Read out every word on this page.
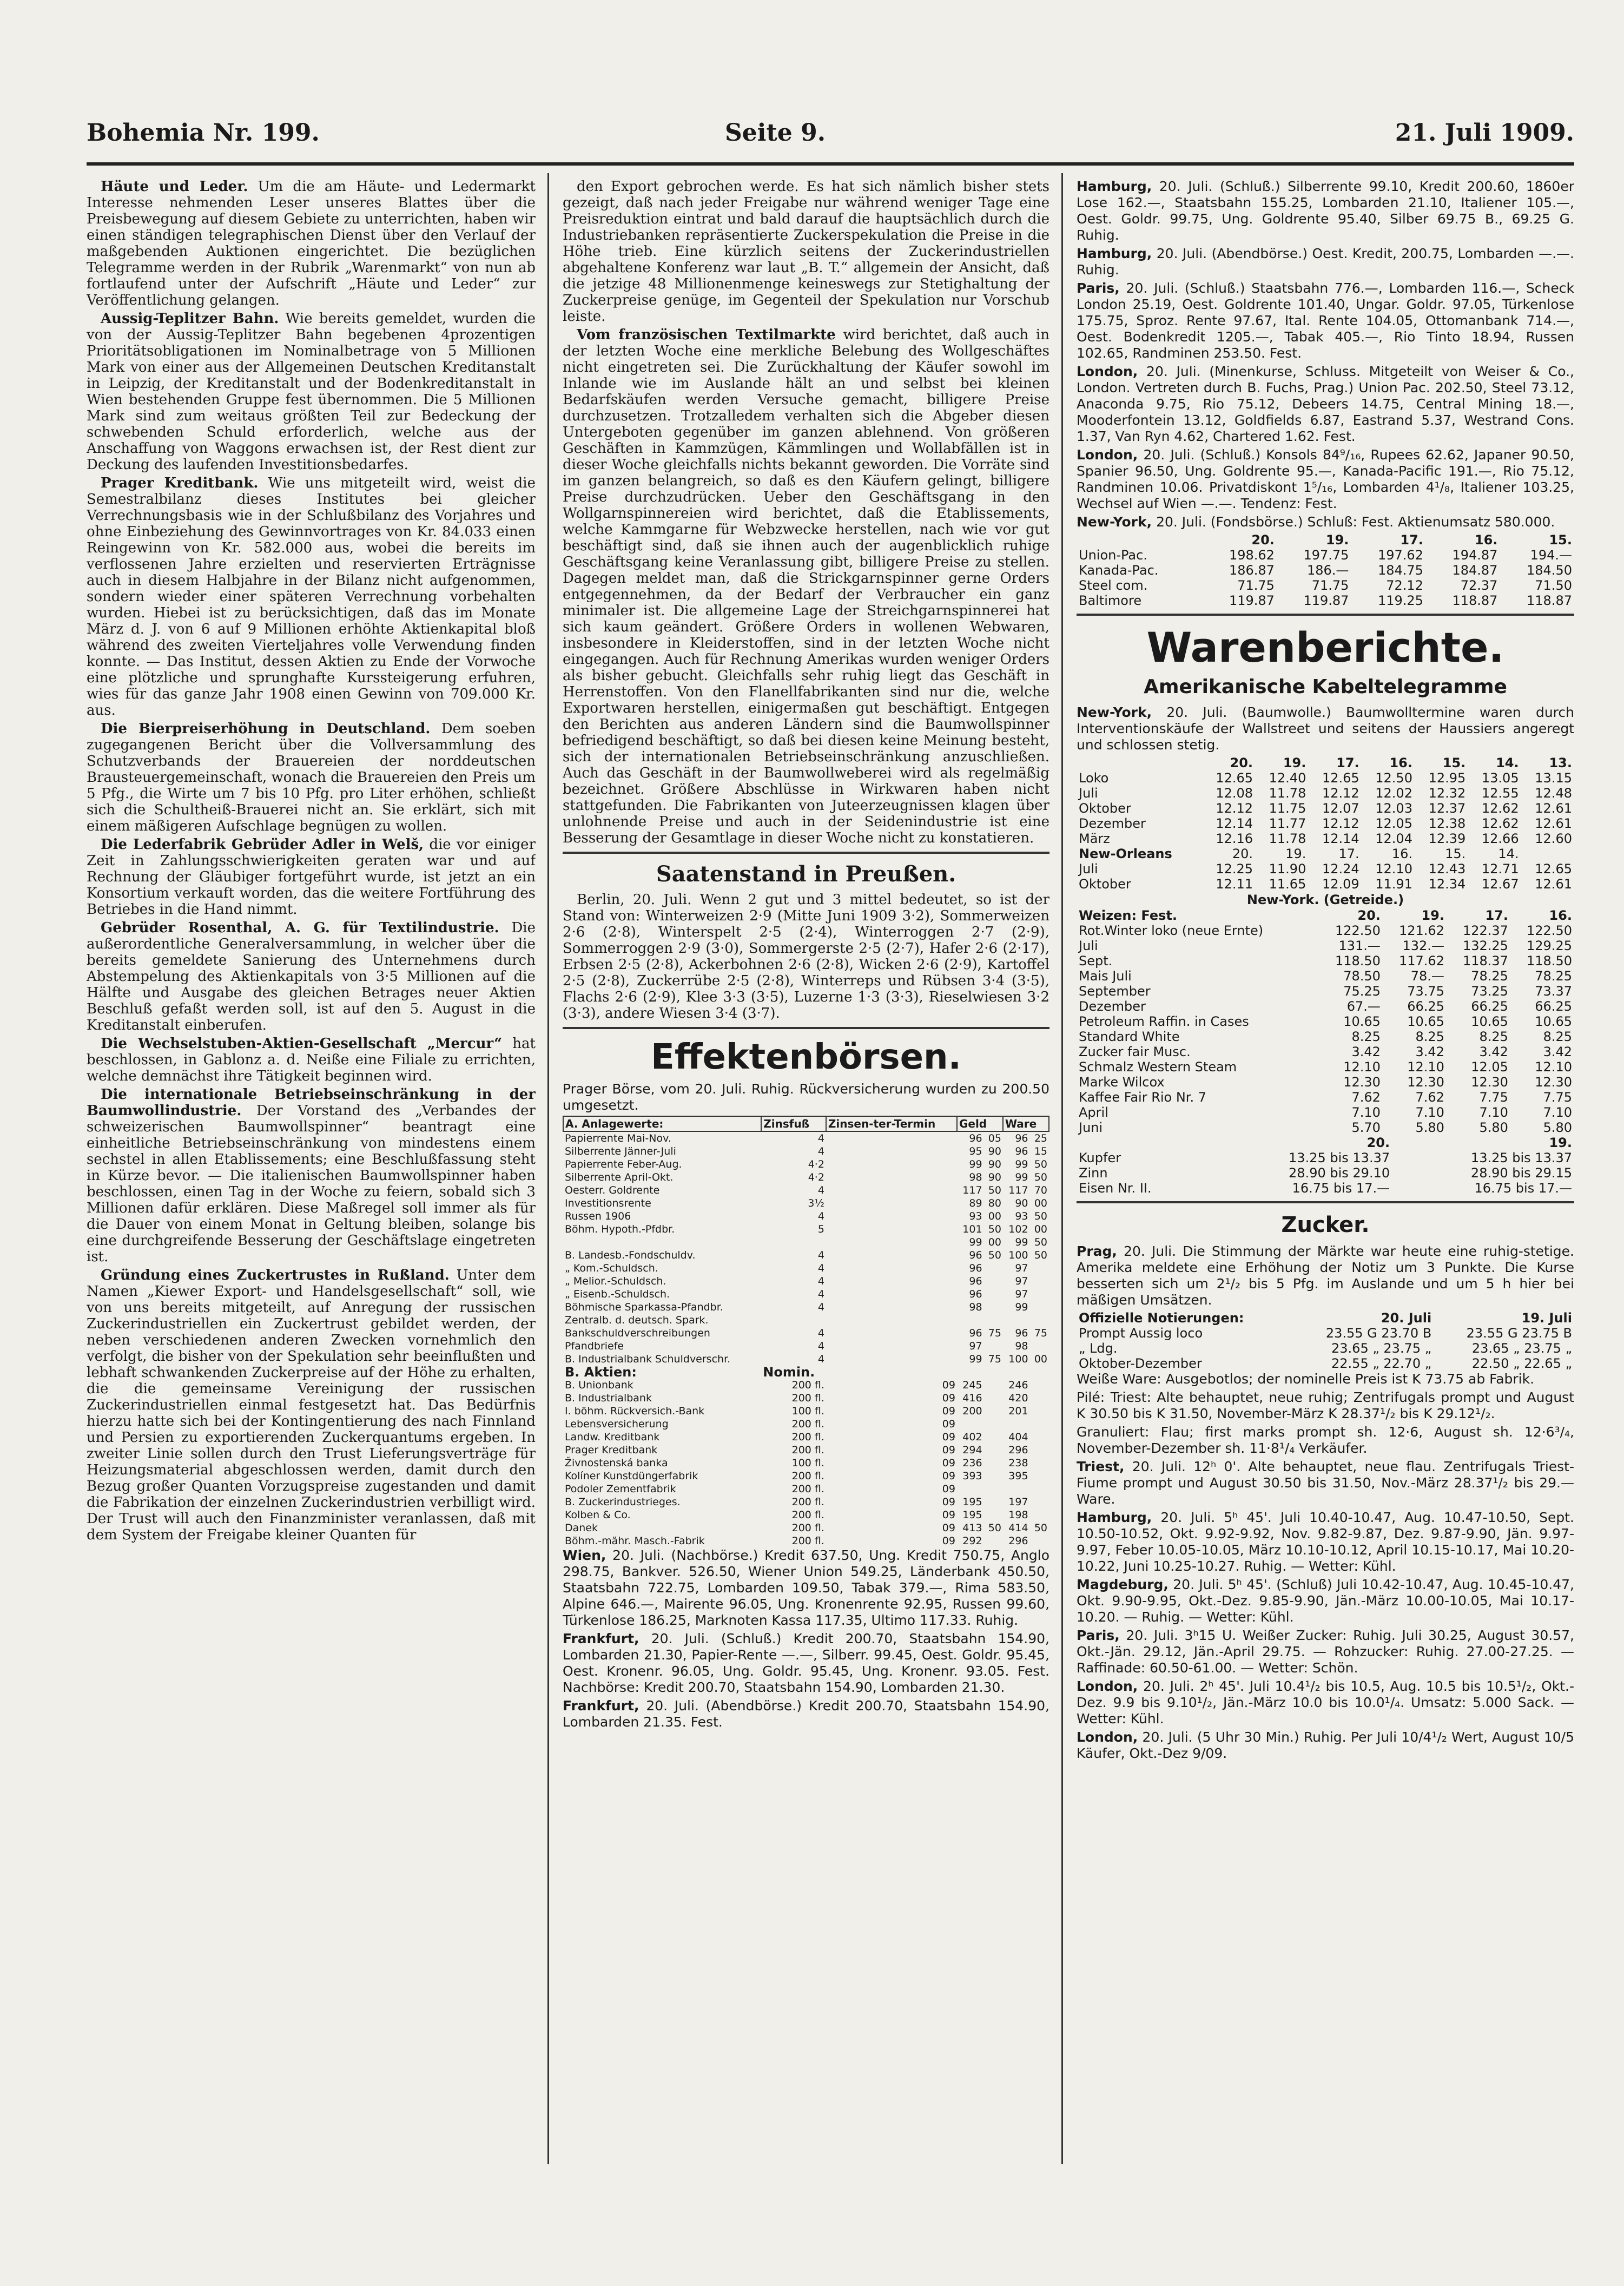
Bohemia Nr. 199.	Seite 9.	21. Juli 1909.

Häute und Leder. Um die am Häute- und Ledermarkt Interesse nehmenden Leser unseres Blattes über die Preisbewegung auf diesem Gebiete zu unterrichten, haben wir einen ständigen telegraphischen Dienst über den Verlauf der maßgebenden Auktionen eingerichtet. Die bezüglichen Telegramme werden in der Rubrik „Warenmarkt“ von nun ab fortlaufend unter der Aufschrift „Häute und Leder“ zur Veröffentlichung gelangen.

Aussig-Teplitzer Bahn. Wie bereits gemeldet, wurden die von der Aussig-Teplitzer Bahn begebenen 4prozentigen Prioritätsobligationen im Nominalbetrage von 5 Millionen Mark von einer aus der Allgemeinen Deutschen Kreditanstalt in Leipzig, der Kreditanstalt und der Bodenkreditanstalt in Wien bestehenden Gruppe fest übernommen. Die 5 Millionen Mark sind zum weitaus größten Teil zur Bedeckung der schwebenden Schuld erforderlich, welche aus der Anschaffung von Waggons erwachsen ist, der Rest dient zur Deckung des laufenden Investitionsbedarfes.

Prager Kreditbank. Wie uns mitgeteilt wird, weist die Semestralbilanz dieses Institutes bei gleicher Verrechnungsbasis wie in der Schlußbilanz des Vorjahres und ohne Einbeziehung des Gewinnvortrages von Kr. 84.033 einen Reingewinn von Kr. 582.000 aus, wobei die bereits im verflossenen Jahre erzielten und reservierten Erträgnisse auch in diesem Halbjahre in der Bilanz nicht aufgenommen, sondern wieder einer späteren Verrechnung vorbehalten wurden. Hiebei ist zu berücksichtigen, daß das im Monate März d. J. von 6 auf 9 Millionen erhöhte Aktienkapital bloß während des zweiten Vierteljahres volle Verwendung finden konnte. — Das Institut, dessen Aktien zu Ende der Vorwoche eine plötzliche und sprunghafte Kurssteigerung erfuhren, wies für das ganze Jahr 1908 einen Gewinn von 709.000 Kr. aus.

Die Bierpreiserhöhung in Deutschland. Dem soeben zugegangenen Bericht über die Vollversammlung des Schutzverbands der Brauereien der norddeutschen Brausteuergemeinschaft, wonach die Brauereien den Preis um 5 Pfg., die Wirte um 7 bis 10 Pfg. pro Liter erhöhen, schließt sich die Schultheiß-Brauerei nicht an. Sie erklärt, sich mit einem mäßigeren Aufschlage begnügen zu wollen.

Die Lederfabrik Gebrüder Adler in Welš, die vor einiger Zeit in Zahlungsschwierigkeiten geraten war und auf Rechnung der Gläubiger fortgeführt wurde, ist jetzt an ein Konsortium verkauft worden, das die weitere Fortführung des Betriebes in die Hand nimmt.

Gebrüder Rosenthal, A. G. für Textilindustrie. Die außerordentliche Generalversammlung, in welcher über die bereits gemeldete Sanierung des Unternehmens durch Abstempelung des Aktienkapitals von 3·5 Millionen auf die Hälfte und Ausgabe des gleichen Betrages neuer Aktien Beschluß gefaßt werden soll, ist auf den 5. August in die Kreditanstalt einberufen.

Die Wechselstuben-Aktien-Gesellschaft „Mercur“ hat beschlossen, in Gablonz a. d. Neiße eine Filiale zu errichten, welche demnächst ihre Tätigkeit beginnen wird.

Die internationale Betriebseinschränkung in der Baumwollindustrie. Der Vorstand des „Verbandes der schweizerischen Baumwollspinner“ beantragt eine einheitliche Betriebseinschränkung von mindestens einem sechstel in allen Etablissements; eine Beschlußfassung steht in Kürze bevor. — Die italienischen Baumwollspinner haben beschlossen, einen Tag in der Woche zu feiern, sobald sich 3 Millionen dafür erklären. Diese Maßregel soll immer als für die Dauer von einem Monat in Geltung bleiben, solange bis eine durchgreifende Besserung der Geschäftslage eingetreten ist.

Gründung eines Zuckertrustes in Rußland. Unter dem Namen „Kiewer Export- und Handelsgesellschaft“ soll, wie von uns bereits mitgeteilt, auf Anregung der russischen Zuckerindustriellen ein Zuckertrust gebildet werden, der neben verschiedenen anderen Zwecken vornehmlich den verfolgt, die bisher von der Spekulation sehr beeinflußten und lebhaft schwankenden Zuckerpreise auf der Höhe zu erhalten, die die gemeinsame Vereinigung der russischen Zuckerindustriellen einmal festgesetzt hat. Das Bedürfnis hierzu hatte sich bei der Kontingentierung des nach Finnland und Persien zu exportierenden Zuckerquantums ergeben. In zweiter Linie sollen durch den Trust Lieferungsverträge für Heizungsmaterial abgeschlossen werden, damit durch den Bezug großer Quanten Vorzugspreise zugestanden und damit die Fabrikation der einzelnen Zuckerindustrien verbilligt wird. Der Trust will auch den Finanzminister veranlassen, daß mit dem System der Freigabe kleiner Quanten für

den Export gebrochen werde. Es hat sich nämlich bisher stets gezeigt, daß nach jeder Freigabe nur während weniger Tage eine Preisreduktion eintrat und bald darauf die hauptsächlich durch die Industriebanken repräsentierte Zuckerspekulation die Preise in die Höhe trieb. Eine kürzlich seitens der Zuckerindustriellen abgehaltene Konferenz war laut „B. T.“ allgemein der Ansicht, daß die jetzige 48 Millionenmenge keineswegs zur Stetighaltung der Zuckerpreise genüge, im Gegenteil der Spekulation nur Vorschub leiste.

Vom französischen Textilmarkte wird berichtet, daß auch in der letzten Woche eine merkliche Belebung des Wollgeschäftes nicht eingetreten sei. Die Zurückhaltung der Käufer sowohl im Inlande wie im Auslande hält an und selbst bei kleinen Bedarfskäufen werden Versuche gemacht, billigere Preise durchzusetzen. Trotzalledem verhalten sich die Abgeber diesen Untergeboten gegenüber im ganzen ablehnend. Von größeren Geschäften in Kammzügen, Kämmlingen und Wollabfällen ist in dieser Woche gleichfalls nichts bekannt geworden. Die Vorräte sind im ganzen belangreich, so daß es den Käufern gelingt, billigere Preise durchzudrücken. Ueber den Geschäftsgang in den Wollgarnspinnereien wird berichtet, daß die Etablissements, welche Kammgarne für Webzwecke herstellen, nach wie vor gut beschäftigt sind, daß sie ihnen auch der augenblicklich ruhige Geschäftsgang keine Veranlassung gibt, billigere Preise zu stellen. Dagegen meldet man, daß die Strickgarnspinner gerne Orders entgegennehmen, da der Bedarf der Verbraucher ein ganz minimaler ist. Die allgemeine Lage der Streichgarnspinnerei hat sich kaum geändert. Größere Orders in wollenen Webwaren, insbesondere in Kleiderstoffen, sind in der letzten Woche nicht eingegangen. Auch für Rechnung Amerikas wurden weniger Orders als bisher gebucht. Gleichfalls sehr ruhig liegt das Geschäft in Herrenstoffen. Von den Flanellfabrikanten sind nur die, welche Exportwaren herstellen, einigermaßen gut beschäftigt. Entgegen den Berichten aus anderen Ländern sind die Baumwollspinner befriedigend beschäftigt, so daß bei diesen keine Meinung besteht, sich der internationalen Betriebseinschränkung anzuschließen. Auch das Geschäft in der Baumwollweberei wird als regelmäßig bezeichnet. Größere Abschlüsse in Wirkwaren haben nicht stattgefunden. Die Fabrikanten von Juteerzeugnissen klagen über unlohnende Preise und auch in der Seidenindustrie ist eine Besserung der Gesamtlage in dieser Woche nicht zu konstatieren.

Saatenstand in Preußen.

Berlin, 20. Juli. Wenn 2 gut und 3 mittel bedeutet, so ist der Stand von: Winterweizen 2·9 (Mitte Juni 1909 3·2), Sommerweizen 2·6 (2·8), Winterspelt 2·5 (2·4), Winterroggen 2·7 (2·9), Sommerroggen 2·9 (3·0), Sommergerste 2·5 (2·7), Hafer 2·6 (2·17), Erbsen 2·5 (2·8), Ackerbohnen 2·6 (2·8), Wicken 2·6 (2·9), Kartoffel 2·5 (2·8), Zuckerrübe 2·5 (2·8), Winterreps und Rübsen 3·4 (3·5), Flachs 2·6 (2·9), Klee 3·3 (3·5), Luzerne 1·3 (3·3), Rieselwiesen 3·2 (3·3), andere Wiesen 3·4 (3·7).

Effektenbörsen.

Prager Börse, vom 20. Juli. Ruhig. Rückversicherung wurden zu 200.50 umgesetzt.

A. Anlagewerte:	Zinsfuß	Zinsen-ter-Termin	Geld		Ware	
Papierrente Mai-Nov.	4		96	05	96	25
Silberrente Jänner-Juli	4		95	90	96	15
Papierrente Feber-Aug.	4·2		99	90	99	50
Silberrente April-Okt.	4·2		98	90	99	50
Oesterr. Goldrente	4		117	50	117	70
Investitionsrente	3½		89	80	90	00
Russen 1906	4		93	00	93	50
Böhm. Hypoth.-Pfdbr.	5		101	50	102	00
			99	00	99	50
B. Landesb.-Fondschuldv.	4		96	50	100	50
„ Kom.-Schuldsch.	4		96		97	
„ Melior.-Schuldsch.	4		96		97	
„ Eisenb.-Schuldsch.	4		96		97	
Böhmische Sparkassa-Pfandbr.	4		98		99	
Zentralb. d. deutsch. Spark.						
Bankschuldverschreibungen	4		96	75	96	75
Pfandbriefe	4		97		98	
B. Industrialbank Schuldverschr.	4		99	75	100	00
B. Aktien:	Nomin.					
B. Unionbank	200 fl.	09	245		246	
B. Industrialbank	200 fl.	09	416		420	
I. böhm. Rückversich.-Bank	100 fl.	09	200		201	
Lebensversicherung	200 fl.	09				
Landw. Kreditbank	200 fl.	09	402		404	
Prager Kreditbank	200 fl.	09	294		296	
Živnostenská banka	100 fl.	09	236		238	
Kolíner Kunstdüngerfabrik	200 fl.	09	393		395	
Podoler Zementfabrik	200 fl.	09				
B. Zuckerindustrieges.	200 fl.	09	195		197	
Kolben & Co.	200 fl.	09	195		198	
Danek	200 fl.	09	413	50	414	50
Böhm.-mähr. Masch.-Fabrik	200 fl.	09	292		296	

Wien, 20. Juli. (Nachbörse.) Kredit 637.50, Ung. Kredit 750.75, Anglo 298.75, Bankver. 526.50, Wiener Union 549.25, Länderbank 450.50, Staatsbahn 722.75, Lombarden 109.50, Tabak 379.—, Rima 583.50, Alpine 646.—, Mairente 96.05, Ung. Kronenrente 92.95, Russen 99.60, Türkenlose 186.25, Marknoten Kassa 117.35, Ultimo 117.33. Ruhig.

Frankfurt, 20. Juli. (Schluß.) Kredit 200.70, Staatsbahn 154.90, Lombarden 21.30, Papier-Rente —.—, Silberr. 99.45, Oest. Goldr. 95.45, Oest. Kronenr. 96.05, Ung. Goldr. 95.45, Ung. Kronenr. 93.05. Fest. Nachbörse: Kredit 200.70, Staatsbahn 154.90, Lombarden 21.30.

Frankfurt, 20. Juli. (Abendbörse.) Kredit 200.70, Staatsbahn 154.90, Lombarden 21.35. Fest.

Hamburg, 20. Juli. (Schluß.) Silberrente 99.10, Kredit 200.60, 1860er Lose 162.—, Staatsbahn 155.25, Lombarden 21.10, Italiener 105.—, Oest. Goldr. 99.75, Ung. Goldrente 95.40, Silber 69.75 B., 69.25 G. Ruhig.

Hamburg, 20. Juli. (Abendbörse.) Oest. Kredit, 200.75, Lombarden —.—. Ruhig.

Paris, 20. Juli. (Schluß.) Staatsbahn 776.—, Lombarden 116.—, Scheck London 25.19, Oest. Goldrente 101.40, Ungar. Goldr. 97.05, Türkenlose 175.75, Sproz. Rente 97.67, Ital. Rente 104.05, Ottomanbank 714.—, Oest. Bodenkredit 1205.—, Tabak 405.—, Rio Tinto 18.94, Russen 102.65, Randminen 253.50. Fest.

London, 20. Juli. (Minenkurse, Schluss. Mitgeteilt von Weiser & Co., London. Vertreten durch B. Fuchs, Prag.) Union Pac. 202.50, Steel 73.12, Anaconda 9.75, Rio 75.12, Debeers 14.75, Central Mining 18.—, Mooderfontein 13.12, Goldfields 6.87, Eastrand 5.37, Westrand Cons. 1.37, Van Ryn 4.62, Chartered 1.62. Fest.

London, 20. Juli. (Schluß.) Konsols 84⁹/₁₆, Rupees 62.62, Japaner 90.50, Spanier 96.50, Ung. Goldrente 95.—, Kanada-Pacific 191.—, Rio 75.12, Randminen 10.06. Privatdiskont 1⁵/₁₆, Lombarden 4¹/₈, Italiener 103.25, Wechsel auf Wien —.—. Tendenz: Fest.

New-York, 20. Juli. (Fondsbörse.) Schluß: Fest. Aktienumsatz 580.000.

	20.	19.	17.	16.	15.
Union-Pac.	198.62	197.75	197.62	194.87	194.—
Kanada-Pac.	186.87	186.—	184.75	184.87	184.50
Steel com.	71.75	71.75	72.12	72.37	71.50
Baltimore	119.87	119.87	119.25	118.87	118.87
Warenberichte.
Amerikanische Kabeltelegramme

New-York, 20. Juli. (Baumwolle.) Baumwolltermine waren durch Interventionskäufe der Wallstreet und seitens der Haussiers angeregt und schlossen stetig.

	20.	19.	17.	16.	15.	14.	13.
Loko	12.65	12.40	12.65	12.50	12.95	13.05	13.15
Juli	12.08	11.78	12.12	12.02	12.32	12.55	12.48
Oktober	12.12	11.75	12.07	12.03	12.37	12.62	12.61
Dezember	12.14	11.77	12.12	12.05	12.38	12.62	12.61
März	12.16	11.78	12.14	12.04	12.39	12.66	12.60
New-Orleans	20.	19.	17.	16.	15.	14.	
Juli	12.25	11.90	12.24	12.10	12.43	12.71	12.65
Oktober	12.11	11.65	12.09	11.91	12.34	12.67	12.61
New-York. (Getreide.)
Weizen: Fest.	20.	19.	17.	16.
Rot.Winter loko (neue Ernte)	122.50	121.62	122.37	122.50
Juli	131.—	132.—	132.25	129.25
Sept.	118.50	117.62	118.37	118.50
Mais Juli	78.50	78.—	78.25	78.25
September	75.25	73.75	73.25	73.37
Dezember	67.—	66.25	66.25	66.25
Petroleum Raffin. in Cases	10.65	10.65	10.65	10.65
Standard White	8.25	8.25	8.25	8.25
Zucker fair Musc.	3.42	3.42	3.42	3.42
Schmalz Western Steam	12.10	12.10	12.05	12.10
Marke Wilcox	12.30	12.30	12.30	12.30
Kaffee Fair Rio Nr. 7	7.62	7.62	7.75	7.75
April	7.10	7.10	7.10	7.10
Juni	5.70	5.80	5.80	5.80
	20.	19.
Kupfer	13.25 bis 13.37	13.25 bis 13.37
Zinn	28.90 bis 29.10	28.90 bis 29.15
Eisen Nr. II.	16.75 bis 17.—	16.75 bis 17.—
Zucker.

Prag, 20. Juli. Die Stimmung der Märkte war heute eine ruhig-stetige. Amerika meldete eine Erhöhung der Notiz um 3 Punkte. Die Kurse besserten sich um 2¹/₂ bis 5 Pfg. im Auslande und um 5 h hier bei mäßigen Umsätzen.

Offizielle Notierungen:	20. Juli	19. Juli
Prompt Aussig loco	23.55 G 23.70 B	23.55 G 23.75 B
„ Ldg.	23.65 „ 23.75 „	23.65 „ 23.75 „
Oktober-Dezember	22.55 „ 22.70 „	22.50 „ 22.65 „

Weiße Ware: Ausgebotlos; der nominelle Preis ist K 73.75 ab Fabrik.

Pilé: Triest: Alte behauptet, neue ruhig; Zentrifugals prompt und August K 30.50 bis K 31.50, November-März K 28.37¹/₂ bis K 29.12¹/₂.

Granuliert: Flau; first marks prompt sh. 12·6, August sh. 12·6³/₄, November-Dezember sh. 11·8¹/₄ Verkäufer.

Triest, 20. Juli. 12ʰ 0'. Alte behauptet, neue flau. Zentrifugals Triest-Fiume prompt und August 30.50 bis 31.50, Nov.-März 28.37¹/₂ bis 29.— Ware.

Hamburg, 20. Juli. 5ʰ 45'. Juli 10.40-10.47, Aug. 10.47-10.50, Sept. 10.50-10.52, Okt. 9.92-9.92, Nov. 9.82-9.87, Dez. 9.87-9.90, Jän. 9.97-9.97, Feber 10.05-10.05, März 10.10-10.12, April 10.15-10.17, Mai 10.20-10.22, Juni 10.25-10.27. Ruhig. — Wetter: Kühl.

Magdeburg, 20. Juli. 5ʰ 45'. (Schluß) Juli 10.42-10.47, Aug. 10.45-10.47, Okt. 9.90-9.95, Okt.-Dez. 9.85-9.90, Jän.-März 10.00-10.05, Mai 10.17-10.20. — Ruhig. — Wetter: Kühl.

Paris, 20. Juli. 3ʰ15 U. Weißer Zucker: Ruhig. Juli 30.25, August 30.57, Okt.-Jän. 29.12, Jän.-April 29.75. — Rohzucker: Ruhig. 27.00-27.25. — Raffinade: 60.50-61.00. — Wetter: Schön.

London, 20. Juli. 2ʰ 45'. Juli 10.4¹/₂ bis 10.5, Aug. 10.5 bis 10.5¹/₂, Okt.-Dez. 9.9 bis 9.10¹/₂, Jän.-März 10.0 bis 10.0¹/₄. Umsatz: 5.000 Sack. — Wetter: Kühl.

London, 20. Juli. (5 Uhr 30 Min.) Ruhig. Per Juli 10/4¹/₂ Wert, August 10/5 Käufer, Okt.-Dez 9/09.
